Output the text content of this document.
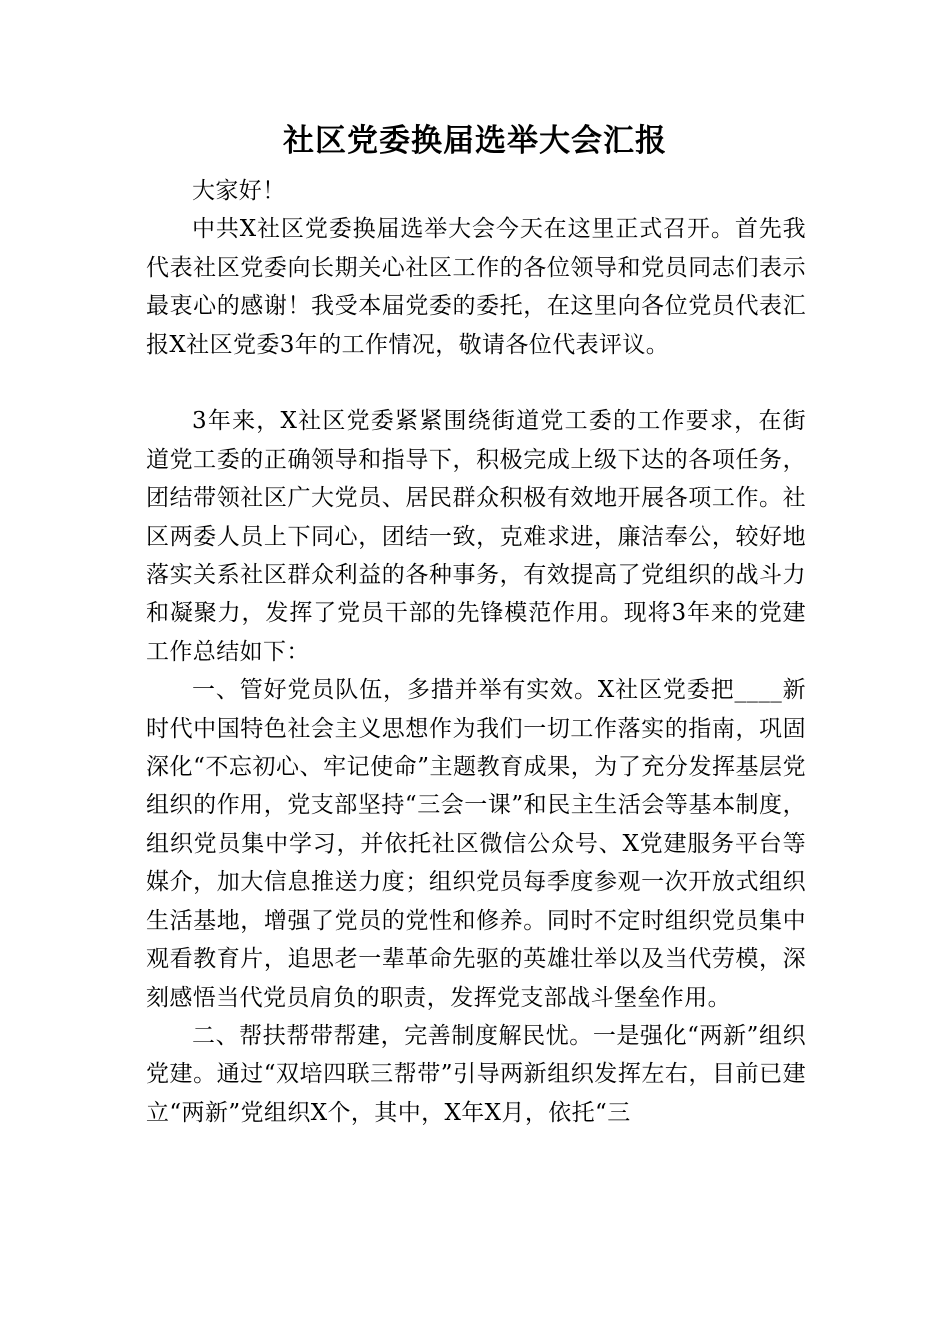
社区党委换届选举大会汇报

大家好！

中共X社区党委换届选举大会今天在这里正式召开。首先我代表社区党委向长期关心社区工作的各位领导和党员同志们表示最衷心的感谢！我受本届党委的委托，在这里向各位党员代表汇报X社区党委3年的工作情况，敬请各位代表评议。

3年来，X社区党委紧紧围绕街道党工委的工作要求，在街道党工委的正确领导和指导下，积极完成上级下达的各项任务，团结带领社区广大党员、居民群众积极有效地开展各项工作。社区两委人员上下同心，团结一致，克难求进，廉洁奉公，较好地落实关系社区群众利益的各种事务，有效提高了党组织的战斗力和凝聚力，发挥了党员干部的先锋模范作用。现将3年来的党建工作总结如下：

一、管好党员队伍，多措并举有实效。X社区党委把____新时代中国特色社会主义思想作为我们一切工作落实的指南，巩固深化“不忘初心、牢记使命”主题教育成果，为了充分发挥基层党组织的作用，党支部坚持“三会一课”和民主生活会等基本制度，组织党员集中学习，并依托社区微信公众号、X党建服务平台等媒介，加大信息推送力度；组织党员每季度参观一次开放式组织生活基地，增强了党员的党性和修养。同时不定时组织党员集中观看教育片，追思老一辈革命先驱的英雄壮举以及当代劳模，深刻感悟当代党员肩负的职责，发挥党支部战斗堡垒作用。

二、帮扶帮带帮建，完善制度解民忧。一是强化“两新”组织党建。通过“双培四联三帮带”引导两新组织发挥左右，目前已建立“两新”党组织X个，其中，X年X月，依托“三
